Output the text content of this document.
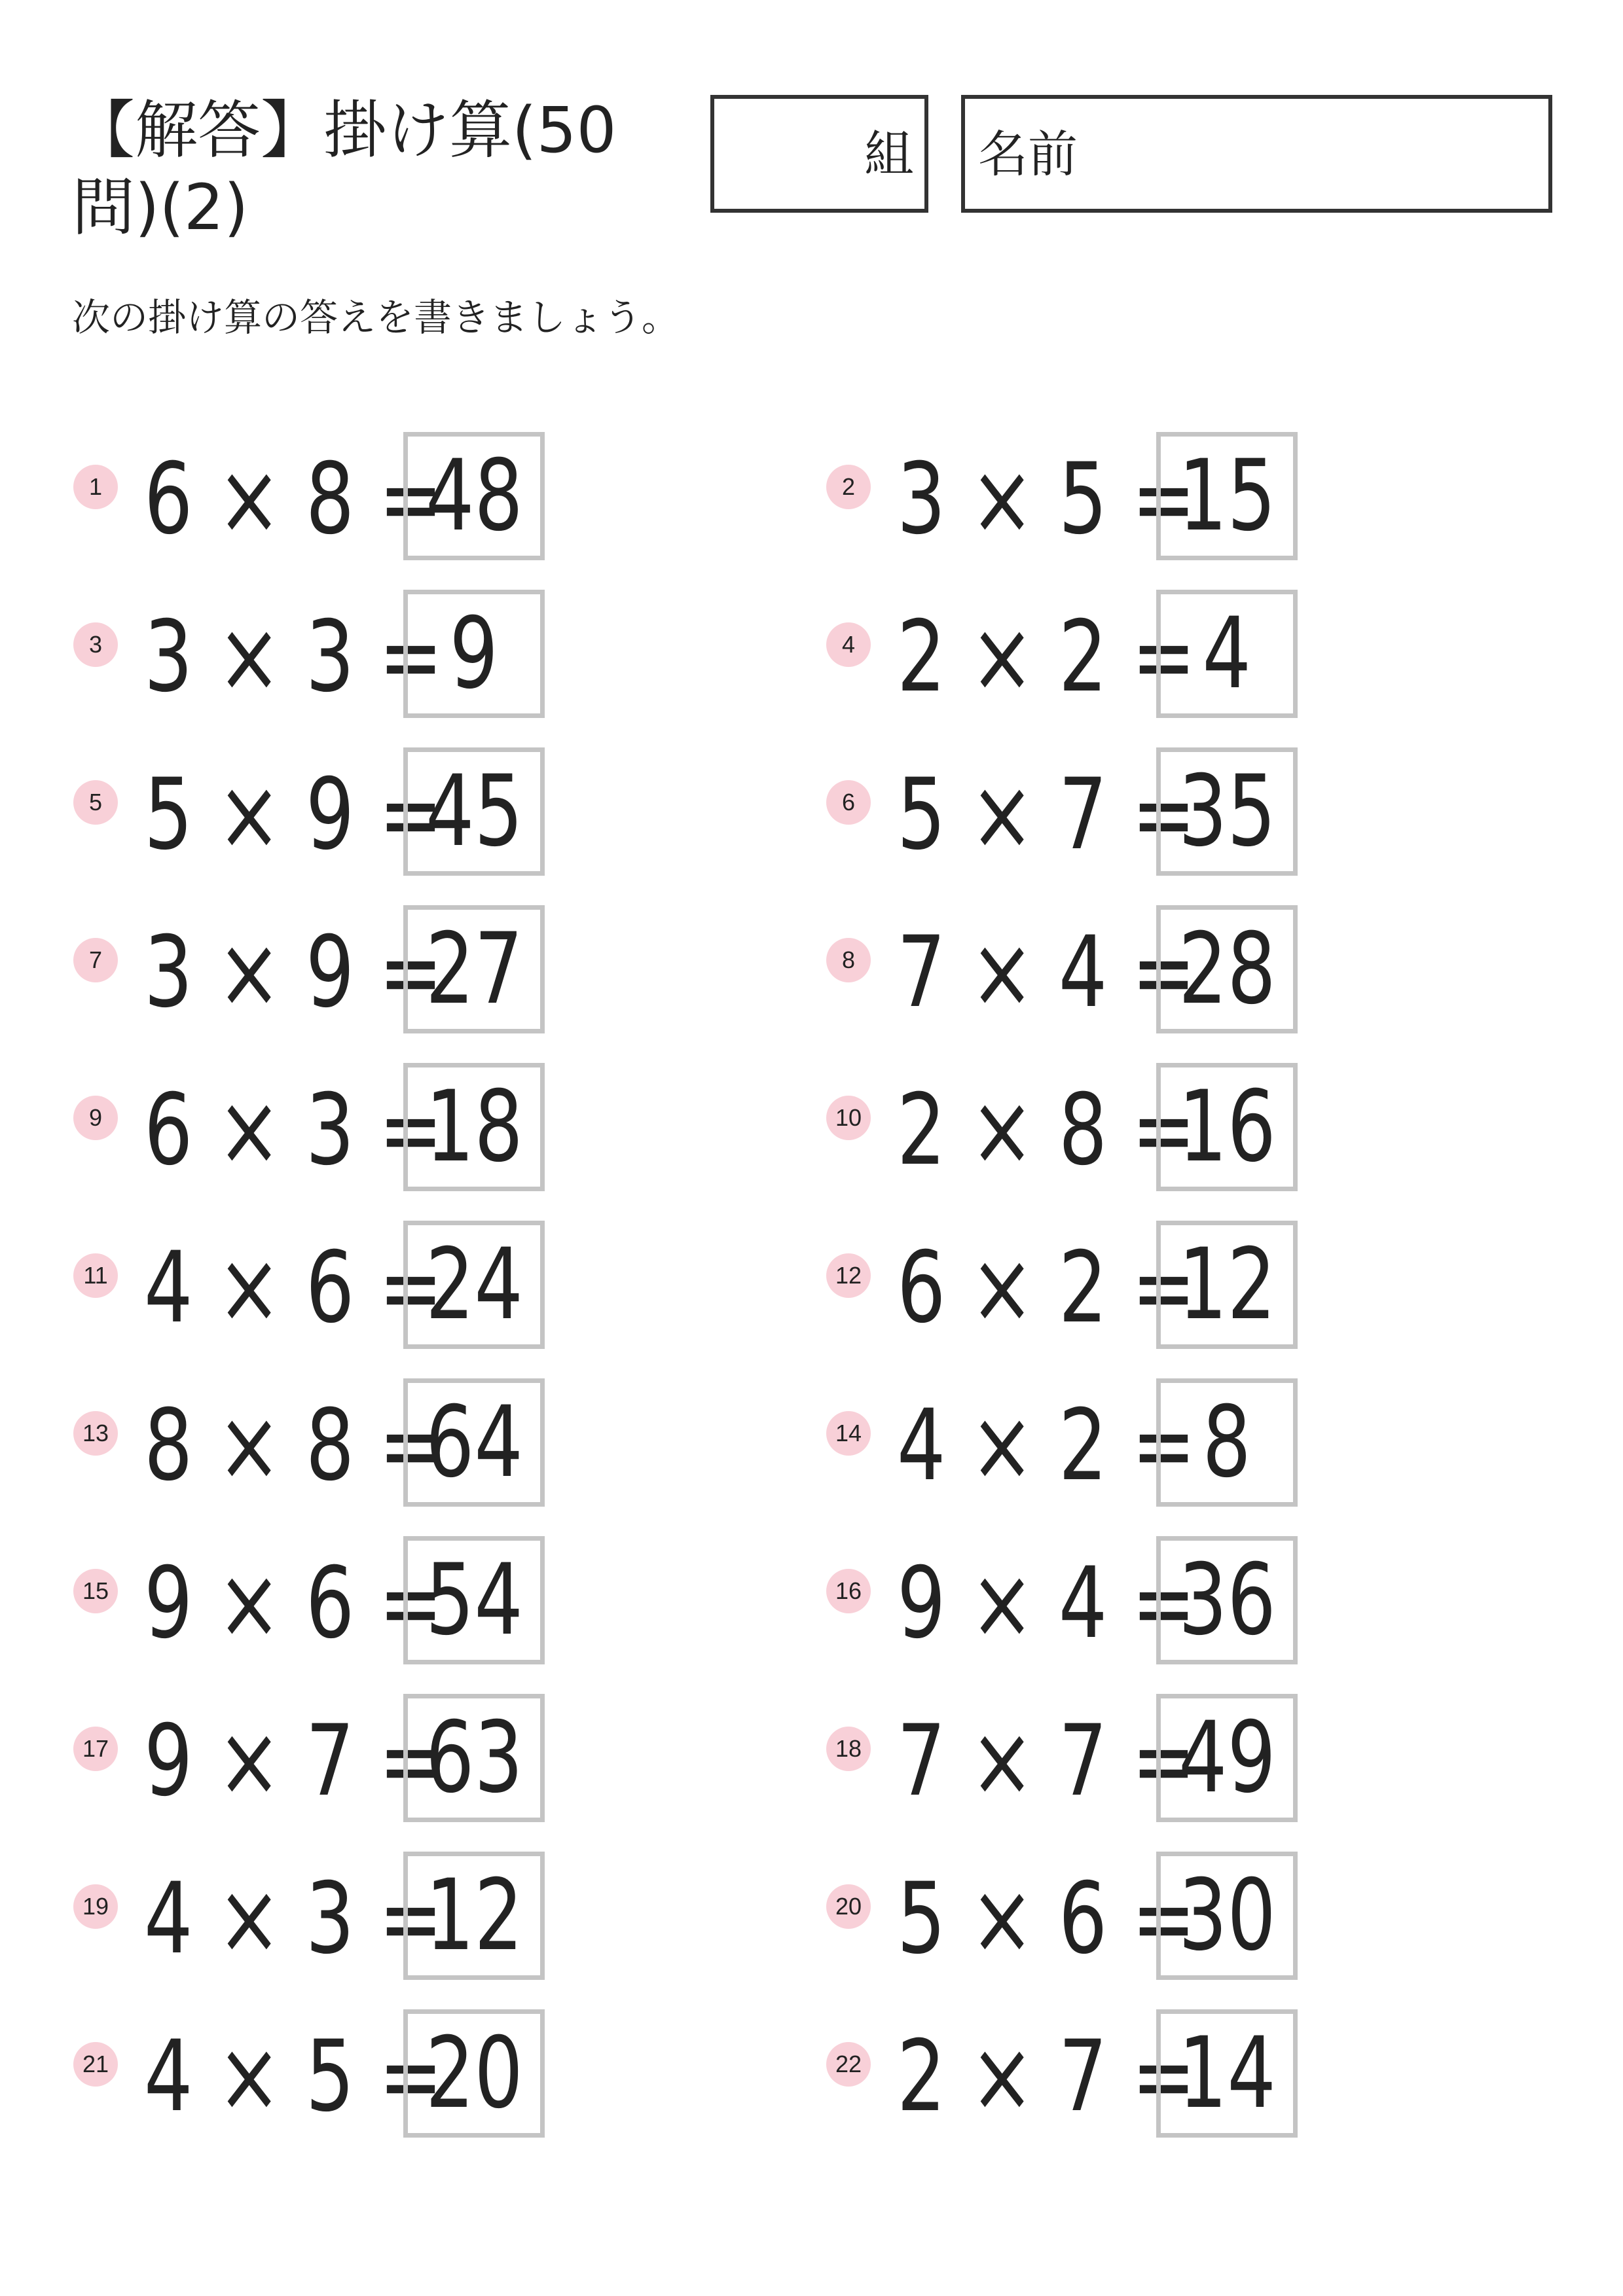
【解答】掛け算(50問)(2)
組 名前

次の掛け算の答えを書きましょう。

1 6 × 8 =
48	2 3 × 5 =
15
3 3 × 3 = 9	4 2 × 2 = 4
5 5 × 9 =
45	6 5 × 7 =
35
7 3 × 9 =
27	8 7 × 4 =
28
9 6 × 3 =
18	10 2 × 8 =
16
11 4 × 6 =
24	12 6 × 2 =
12
13 8 × 8 =
64	14 4 × 2 = 8
15 9 × 6 =
54	16 9 × 4 =
36
17 9 × 7 =
63	18 7 × 7 =
49
19 4 × 3 =
12	20 5 × 6 =
30
21 4 × 5 =
20	22 2 × 7 =
14
